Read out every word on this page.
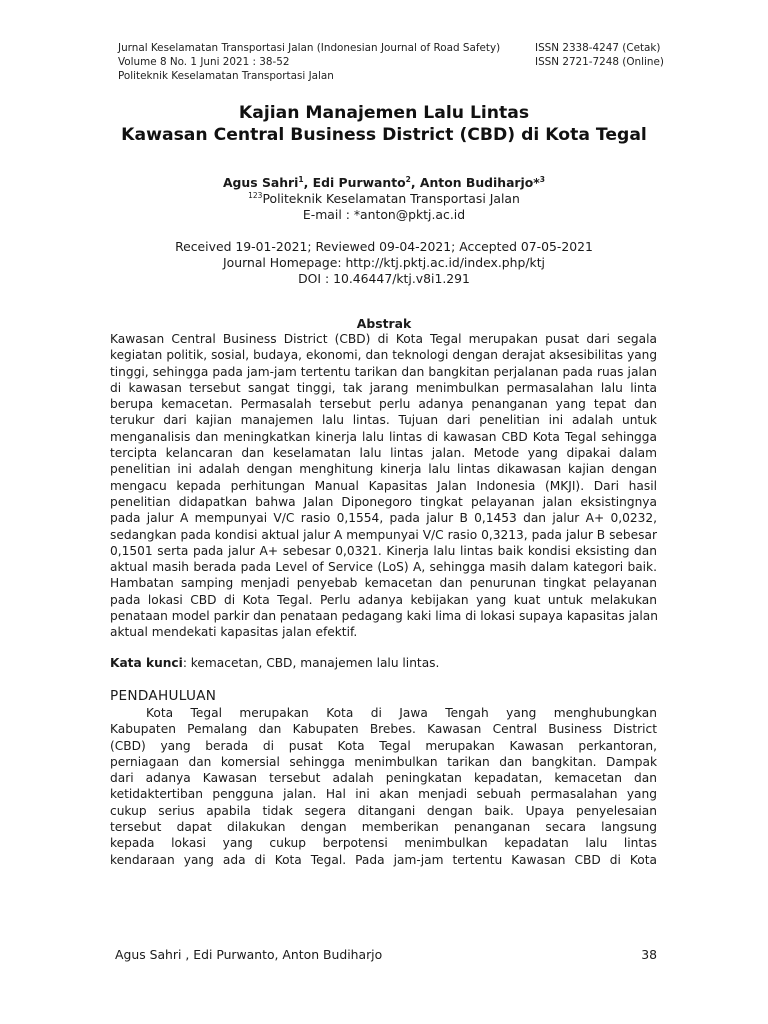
Jurnal Keselamatan Transportasi Jalan (Indonesian Journal of Road Safety)
Volume 8 No. 1 Juni 2021 : 38-52
Politeknik Keselamatan Transportasi Jalan
ISSN 2338-4247 (Cetak)
ISSN 2721-7248 (Online)
Kajian Manajemen Lalu Lintas
Kawasan Central Business District (CBD) di Kota Tegal
Agus Sahri$^1$, Edi Purwanto$^2$, Anton Budiharjo*$^3$
$^{123}$Politeknik Keselamatan Transportasi Jalan
E-mail : *anton@pktj.ac.id
Received 19-01-2021; Reviewed 09-04-2021; Accepted 07-05-2021
Journal Homepage: http://ktj.pktj.ac.id/index.php/ktj
DOI : 10.46447/ktj.v8i1.291
Abstrak
Kawasan Central Business District (CBD) di Kota Tegal merupakan pusat dari segala
kegiatan politik, sosial, budaya, ekonomi, dan teknologi dengan derajat aksesibilitas yang
tinggi, sehingga pada jam-jam tertentu tarikan dan bangkitan perjalanan pada ruas jalan
di kawasan tersebut sangat tinggi, tak jarang menimbulkan permasalahan lalu linta
berupa kemacetan. Permasalah tersebut perlu adanya penanganan yang tepat dan
terukur dari kajian manajemen lalu lintas. Tujuan dari penelitian ini adalah untuk
menganalisis dan meningkatkan kinerja lalu lintas di kawasan CBD Kota Tegal sehingga
tercipta kelancaran dan keselamatan lalu lintas jalan. Metode yang dipakai dalam
penelitian ini adalah dengan menghitung kinerja lalu lintas dikawasan kajian dengan
mengacu kepada perhitungan Manual Kapasitas Jalan Indonesia (MKJI). Dari hasil
penelitian didapatkan bahwa Jalan Diponegoro tingkat pelayanan jalan eksistingnya
pada jalur A mempunyai V/C rasio 0,1554, pada jalur B 0,1453 dan jalur A+ 0,0232,
sedangkan pada kondisi aktual jalur A mempunyai V/C rasio 0,3213, pada jalur B sebesar
0,1501 serta pada jalur A+ sebesar 0,0321. Kinerja lalu lintas baik kondisi eksisting dan
aktual masih berada pada Level of Service (LoS) A, sehingga masih dalam kategori baik.
Hambatan samping menjadi penyebab kemacetan dan penurunan tingkat pelayanan
pada lokasi CBD di Kota Tegal. Perlu adanya kebijakan yang kuat untuk melakukan
penataan model parkir dan penataan pedagang kaki lima di lokasi supaya kapasitas jalan
aktual mendekati kapasitas jalan efektif.
Kata kunci: kemacetan, CBD, manajemen lalu lintas.
PENDAHULUAN
Kota Tegal merupakan Kota di Jawa Tengah yang menghubungkan
Kabupaten Pemalang dan Kabupaten Brebes. Kawasan Central Business District
(CBD) yang berada di pusat Kota Tegal merupakan Kawasan perkantoran,
perniagaan dan komersial sehingga menimbulkan tarikan dan bangkitan. Dampak
dari adanya Kawasan tersebut adalah peningkatan kepadatan, kemacetan dan
ketidaktertiban pengguna jalan. Hal ini akan menjadi sebuah permasalahan yang
cukup serius apabila tidak segera ditangani dengan baik. Upaya penyelesaian
tersebut dapat dilakukan dengan memberikan penanganan secara langsung
kepada lokasi yang cukup berpotensi menimbulkan kepadatan lalu lintas
kendaraan yang ada di Kota Tegal. Pada jam-jam tertentu Kawasan CBD di Kota
Agus Sahri , Edi Purwanto, Anton Budiharjo	38
